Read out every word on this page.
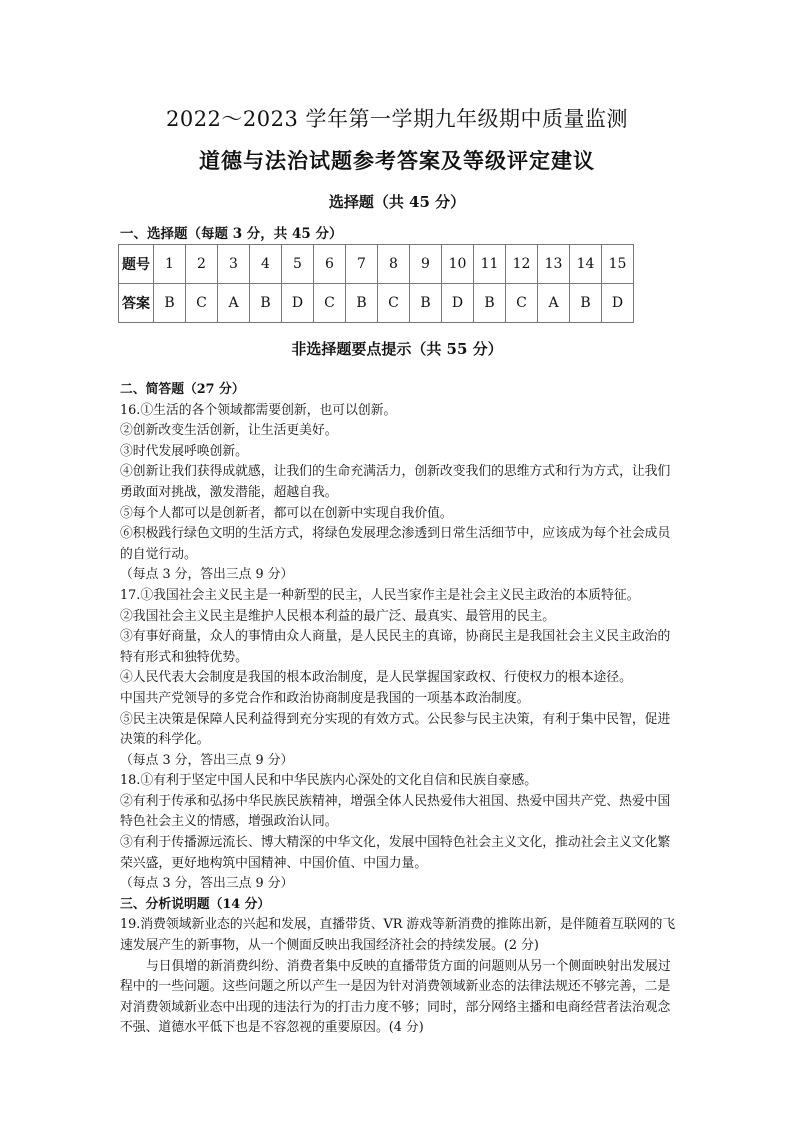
2022～2023 学年第一学期九年级期中质量监测
道德与法治试题参考答案及等级评定建议
选择题（共 45 分）
一、选择题（每题 3 分，共 45 分）
题号	1	2	3	4	5	6	7	8	9	10	11	12	13	14	15
答案	B	C	A	B	D	C	B	C	B	D	B	C	A	B	D
非选择题要点提示（共 55 分）

二、简答题（27 分）

16.①生活的各个领域都需要创新，也可以创新。

②创新改变生活创新，让生活更美好。

③时代发展呼唤创新。

④创新让我们获得成就感，让我们的生命充满活力，创新改变我们的思维方式和行为方式，让我们勇敢面对挑战，激发潜能，超越自我。

⑤每个人都可以是创新者，都可以在创新中实现自我价值。

⑥积极践行绿色文明的生活方式，将绿色发展理念渗透到日常生活细节中，应该成为每个社会成员的自觉行动。

（每点 3 分，答出三点 9 分）

17.①我国社会主义民主是一种新型的民主，人民当家作主是社会主义民主政治的本质特征。

②我国社会主义民主是维护人民根本利益的最广泛、最真实、最管用的民主。

③有事好商量，众人的事情由众人商量，是人民民主的真谛，协商民主是我国社会主义民主政治的特有形式和独特优势。

④人民代表大会制度是我国的根本政治制度，是人民掌握国家政权、行使权力的根本途径。

中国共产党领导的多党合作和政治协商制度是我国的一项基本政治制度。

⑤民主决策是保障人民利益得到充分实现的有效方式。公民参与民主决策，有利于集中民智，促进决策的科学化。

（每点 3 分，答出三点 9 分）

18.①有利于坚定中国人民和中华民族内心深处的文化自信和民族自豪感。

②有利于传承和弘扬中华民族民族精神，增强全体人民热爱伟大祖国、热爱中国共产党、热爱中国特色社会主义的情感，增强政治认同。

③有利于传播源远流长、博大精深的中华文化，发展中国特色社会主义文化，推动社会主义文化繁荣兴盛，更好地构筑中国精神、中国价值、中国力量。

（每点 3 分，答出三点 9 分）

三、分析说明题（14 分）

19.消费领域新业态的兴起和发展，直播带货、VR 游戏等新消费的推陈出新，是伴随着互联网的飞速发展产生的新事物，从一个侧面反映出我国经济社会的持续发展。(2 分)

与日俱增的新消费纠纷、消费者集中反映的直播带货方面的问题则从另一个侧面映射出发展过程中的一些问题。这些问题之所以产生一是因为针对消费领域新业态的法律法规还不够完善，二是对消费领域新业态中出现的违法行为的打击力度不够；同时，部分网络主播和电商经营者法治观念不强、道德水平低下也是不容忽视的重要原因。(4 分)
